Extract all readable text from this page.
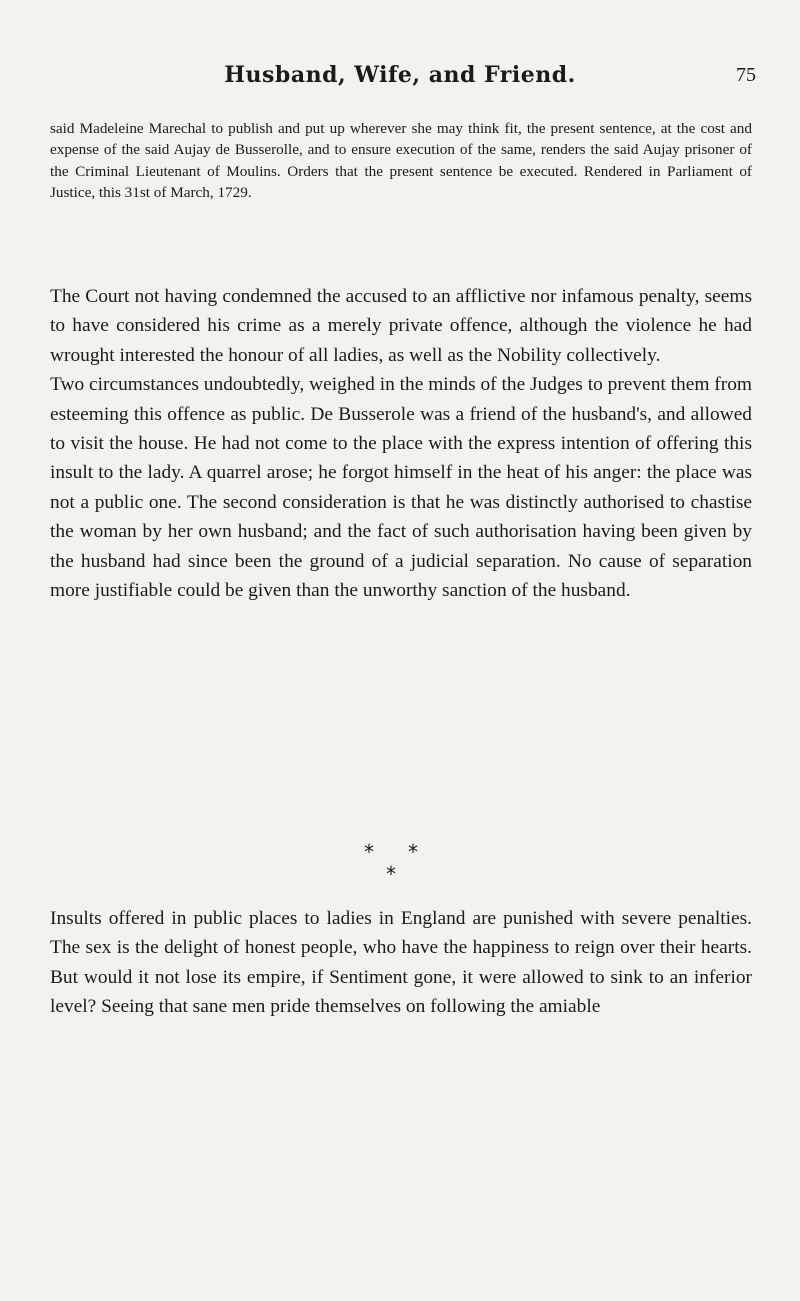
Husband, Wife, and Friend.	75

said Madeleine Marechal to publish and put up wherever she may think fit, the present sentence, at the cost and expense of the said Aujay de Busserolle, and to ensure execution of the same, renders the said Aujay prisoner of the Criminal Lieutenant of Moulins. Orders that the present sentence be executed. Rendered in Parliament of Justice, this 31st of March, 1729.

The Court not having condemned the accused to an afflictive nor infamous penalty, seems to have considered his crime as a merely private offence, although the violence he had wrought interested the honour of all ladies, as well as the Nobility collectively.

Two circumstances undoubtedly, weighed in the minds of the Judges to prevent them from esteeming this offence as public. De Busserole was a friend of the husband's, and allowed to visit the house. He had not come to the place with the express intention of offering this insult to the lady. A quarrel arose; he forgot himself in the heat of his anger: the place was not a public one. The second consideration is that he was distinctly authorised to chastise the woman by her own husband; and the fact of such authorisation having been given by the husband had since been the ground of a judicial separation. No cause of separation more justifiable could be given than the unworthy sanction of the husband.

* *
*

Insults offered in public places to ladies in England are punished with severe penalties. The sex is the delight of honest people, who have the happiness to reign over their hearts. But would it not lose its empire, if Sentiment gone, it were allowed to sink to an inferior level? Seeing that sane men pride themselves on following the amiable
